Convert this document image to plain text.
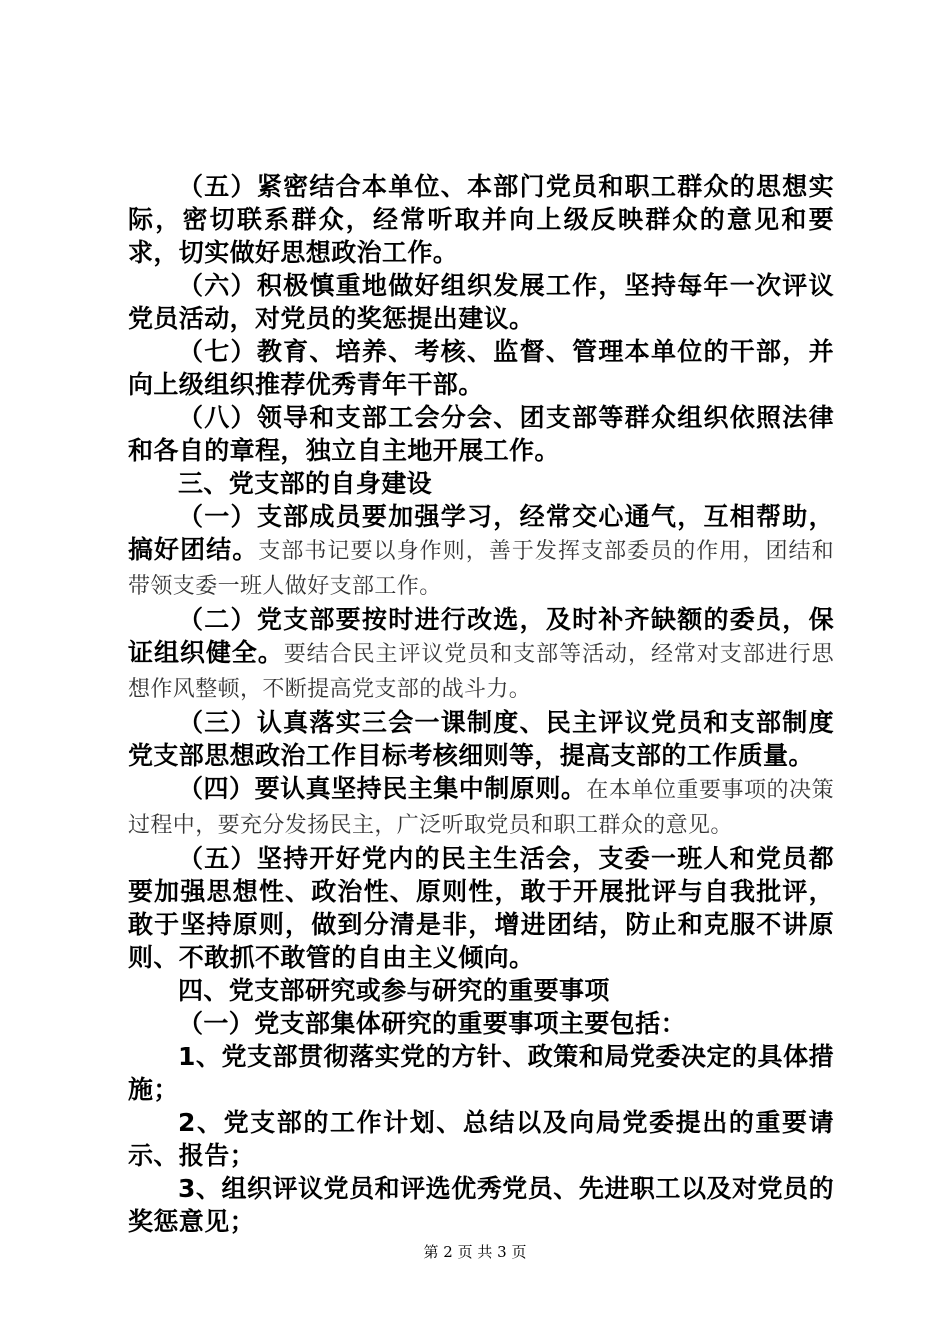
（五）紧密结合本单位、本部门党员和职工群众的思想实际，密切联系群众，经常听取并向上级反映群众的意见和要求，切实做好思想政治工作。

（六）积极慎重地做好组织发展工作，坚持每年一次评议党员活动，对党员的奖惩提出建议。

（七）教育、培养、考核、监督、管理本单位的干部，并向上级组织推荐优秀青年干部。

（八）领导和支部工会分会、团支部等群众组织依照法律和各自的章程，独立自主地开展工作。

三、党支部的自身建设

（一）支部成员要加强学习，经常交心通气，互相帮助，搞好团结。支部书记要以身作则，善于发挥支部委员的作用，团结和带领支委一班人做好支部工作。

（二）党支部要按时进行改选，及时补齐缺额的委员，保证组织健全。要结合民主评议党员和支部等活动，经常对支部进行思想作风整顿，不断提高党支部的战斗力。

（三）认真落实三会一课制度、民主评议党员和支部制度党支部思想政治工作目标考核细则等，提高支部的工作质量。

（四）要认真坚持民主集中制原则。在本单位重要事项的决策过程中，要充分发扬民主，广泛听取党员和职工群众的意见。

（五）坚持开好党内的民主生活会，支委一班人和党员都要加强思想性、政治性、原则性，敢于开展批评与自我批评，敢于坚持原则，做到分清是非，增进团结，防止和克服不讲原则、不敢抓不敢管的自由主义倾向。

四、党支部研究或参与研究的重要事项

（一）党支部集体研究的重要事项主要包括：

1、党支部贯彻落实党的方针、政策和局党委决定的具体措施；

2、党支部的工作计划、总结以及向局党委提出的重要请示、报告；

3、组织评议党员和评选优秀党员、先进职工以及对党员的奖惩意见；

第 2 页 共 3 页
